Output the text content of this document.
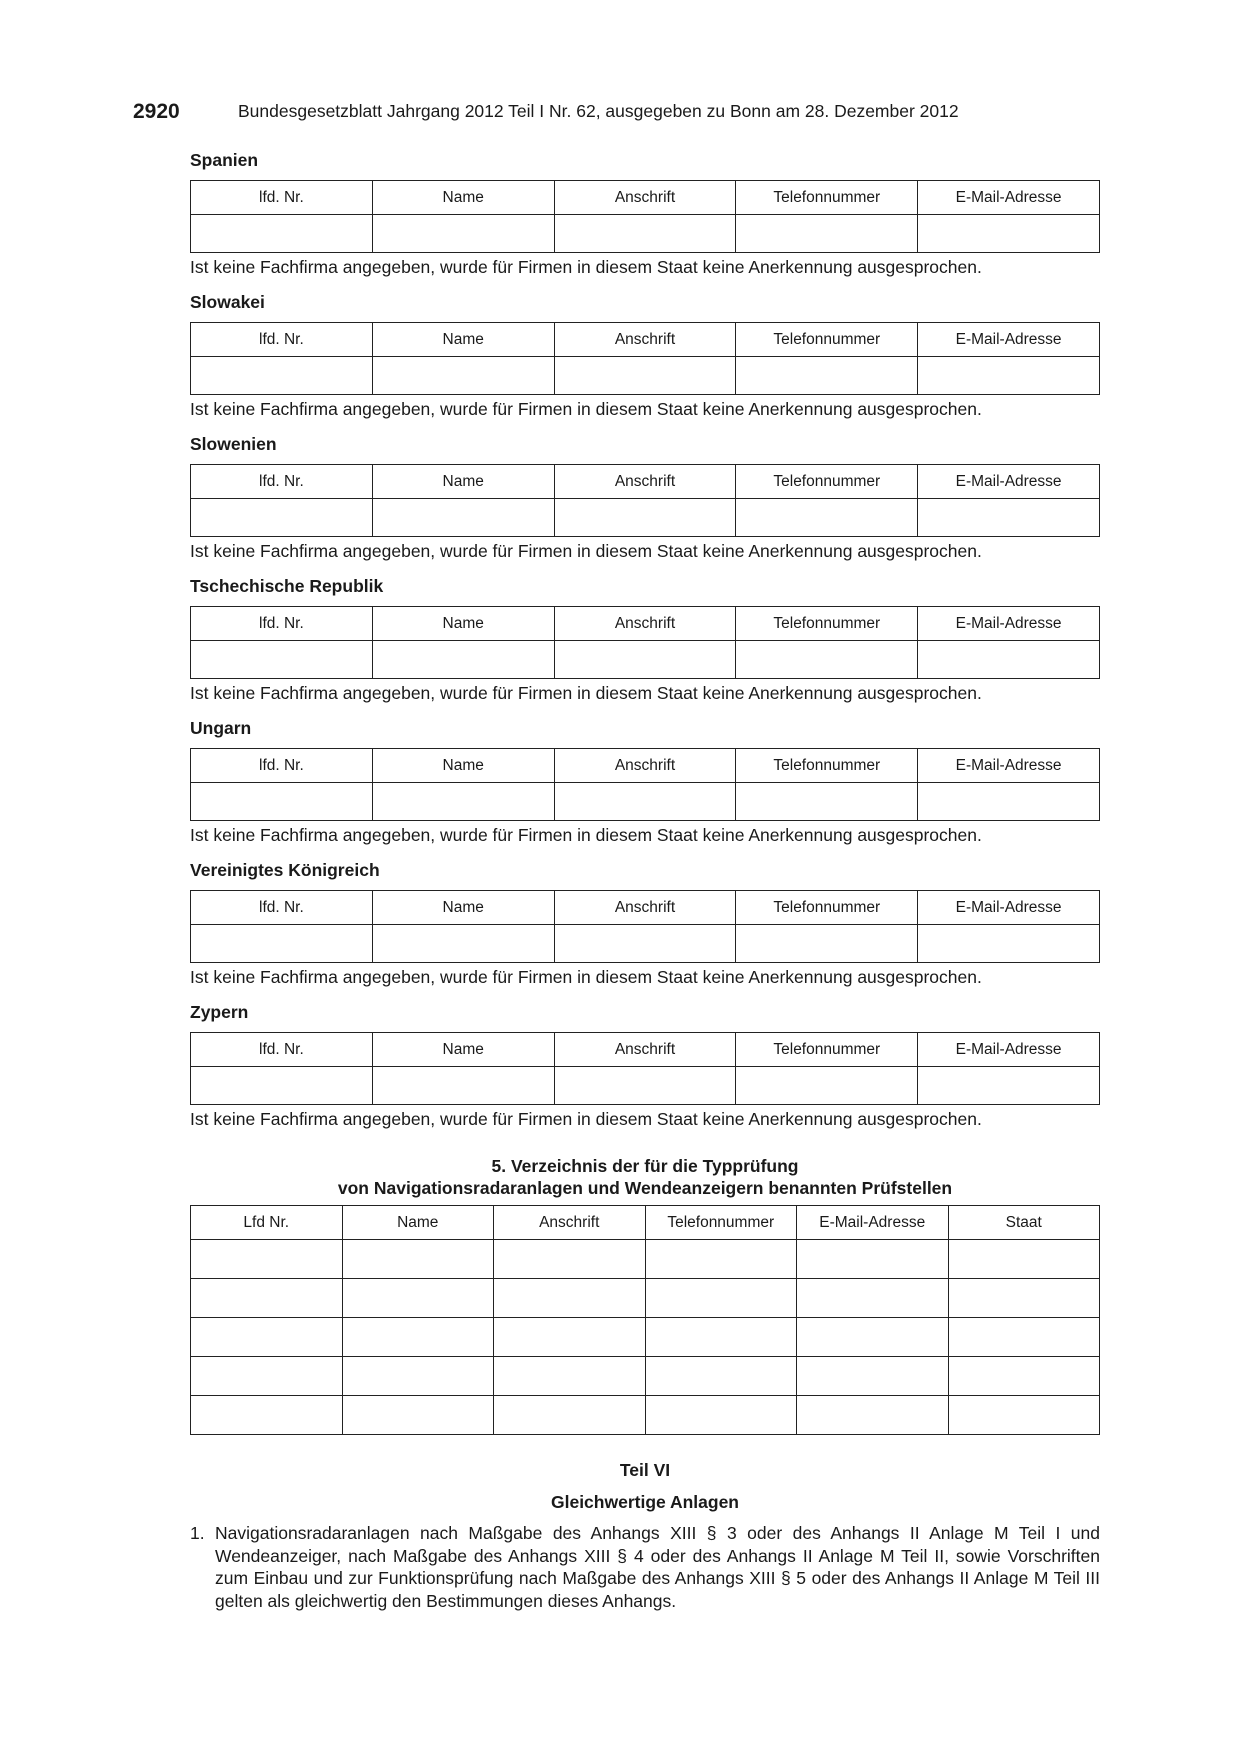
2920	Bundesgesetzblatt Jahrgang 2012 Teil I Nr. 62, ausgegeben zu Bonn am 28. Dezember 2012
Spanien
lfd. Nr.	Name	Anschrift	Telefonnummer	E-Mail-Adresse

Ist keine Fachfirma angegeben, wurde für Firmen in diesem Staat keine Anerkennung ausgesprochen.
Slowakei
lfd. Nr.	Name	Anschrift	Telefonnummer	E-Mail-Adresse

Ist keine Fachfirma angegeben, wurde für Firmen in diesem Staat keine Anerkennung ausgesprochen.
Slowenien
lfd. Nr.	Name	Anschrift	Telefonnummer	E-Mail-Adresse

Ist keine Fachfirma angegeben, wurde für Firmen in diesem Staat keine Anerkennung ausgesprochen.
Tschechische Republik
lfd. Nr.	Name	Anschrift	Telefonnummer	E-Mail-Adresse

Ist keine Fachfirma angegeben, wurde für Firmen in diesem Staat keine Anerkennung ausgesprochen.
Ungarn
lfd. Nr.	Name	Anschrift	Telefonnummer	E-Mail-Adresse

Ist keine Fachfirma angegeben, wurde für Firmen in diesem Staat keine Anerkennung ausgesprochen.
Vereinigtes Königreich
lfd. Nr.	Name	Anschrift	Telefonnummer	E-Mail-Adresse

Ist keine Fachfirma angegeben, wurde für Firmen in diesem Staat keine Anerkennung ausgesprochen.
Zypern
lfd. Nr.	Name	Anschrift	Telefonnummer	E-Mail-Adresse

Ist keine Fachfirma angegeben, wurde für Firmen in diesem Staat keine Anerkennung ausgesprochen.
5. Verzeichnis der für die Typprüfung
von Navigationsradaranlagen und Wendeanzeigern benannten Prüfstellen
Lfd Nr.	Name	Anschrift	Telefonnummer	E-Mail-Adresse	Staat

Teil VI
Gleichwertige Anlagen
1. Navigationsradaranlagen nach Maßgabe des Anhangs XIII § 3 oder des Anhangs II Anlage M Teil I und Wendeanzeiger, nach Maßgabe des Anhangs XIII § 4 oder des Anhangs II Anlage M Teil II, sowie Vorschriften zum Einbau und zur Funktionsprüfung nach Maßgabe des Anhangs XIII § 5 oder des Anhangs II Anlage M Teil III gelten als gleichwertig den Bestimmungen dieses Anhangs.
